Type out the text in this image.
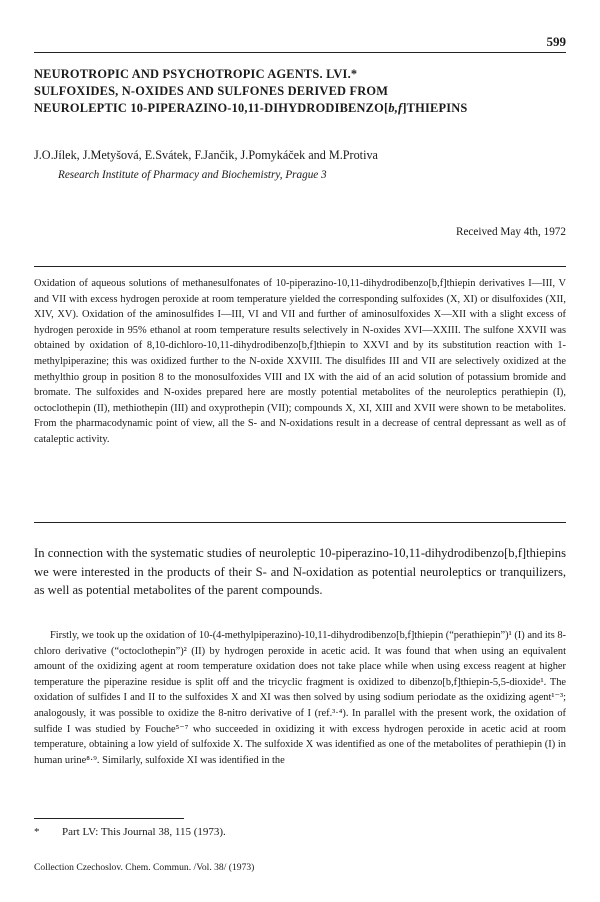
599
NEUROTROPIC AND PSYCHOTROPIC AGENTS. LVI.*
SULFOXIDES, N-OXIDES AND SULFONES DERIVED FROM
NEUROLEPTIC 10-PIPERAZINO-10,11-DIHYDRODIBENZO[b,f]THIEPINS
J.O.Jílek, J.Metyšová, E.Svátek, F.Jančik, J.Pomykáček and M.Protiva
Research Institute of Pharmacy and Biochemistry, Prague 3
Received May 4th, 1972

Oxidation of aqueous solutions of methanesulfonates of 10-piperazino-10,11-dihydrodibenzo[b,f]thiepin derivatives I—III, V and VII with excess hydrogen peroxide at room temperature yielded the corresponding sulfoxides (X, XI) or disulfoxides (XII, XIV, XV). Oxidation of the aminosulfides I—III, VI and VII and further of aminosulfoxides X—XII with a slight excess of hydrogen peroxide in 95% ethanol at room temperature results selectively in N-oxides XVI—XXIII. The sulfone XXVII was obtained by oxidation of 8,10-dichloro-10,11-dihydrodibenzo[b,f]thiepin to XXVI and by its substitution reaction with 1-methylpiperazine; this was oxidized further to the N-oxide XXVIII. The disulfides III and VII are selectively oxidized at the methylthio group in position 8 to the monosulfoxides VIII and IX with the aid of an acid solution of potassium bromide and bromate. The sulfoxides and N-oxides prepared here are mostly potential metabolites of the neuroleptics perathiepin (I), octoclothepin (II), methiothepin (III) and oxyprothepin (VII); compounds X, XI, XIII and XVII were shown to be metabolites. From the pharmacodynamic point of view, all the S- and N-oxidations result in a decrease of central depressant as well as of cataleptic activity.

In connection with the systematic studies of neuroleptic 10-piperazino-10,11-dihydrodibenzo[b,f]thiepins we were interested in the products of their S- and N-oxidation as potential neuroleptics or tranquilizers, as well as potential metabolites of the parent compounds.

Firstly, we took up the oxidation of 10-(4-methylpiperazino)-10,11-dihydrodibenzo[b,f]thiepin (“perathiepin”)¹ (I) and its 8-chloro derivative (“octoclothepin”)² (II) by hydrogen peroxide in acetic acid. It was found that when using an equivalent amount of the oxidizing agent at room temperature oxidation does not take place while when using excess reagent at higher temperature the piperazine residue is split off and the tricyclic fragment is oxidized to dibenzo[b,f]thiepin-5,5-dioxide¹. The oxidation of sulfides I and II to the sulfoxides X and XI was then solved by using sodium periodate as the oxidizing agent¹⁻³; analogously, it was possible to oxidize the 8-nitro derivative of I (ref.³·⁴). In parallel with the present work, the oxidation of sulfide I was studied by Fouche⁵⁻⁷ who succeeded in oxidizing it with excess hydrogen peroxide in acetic acid at room temperature, obtaining a low yield of sulfoxide X. The sulfoxide X was identified as one of the metabolites of perathiepin (I) in human urine⁸·⁹. Similarly, sulfoxide XI was identified in the

* Part LV: This Journal 38, 115 (1973).
Collection Czechoslov. Chem. Commun. /Vol. 38/ (1973)
